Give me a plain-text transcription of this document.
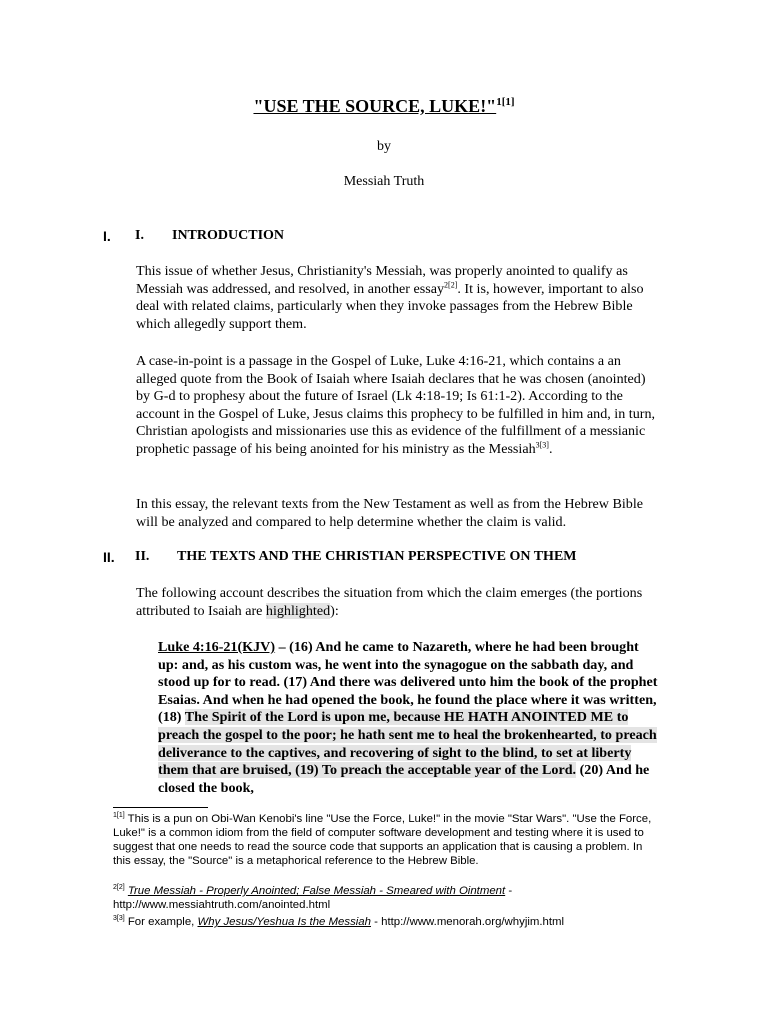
"USE THE SOURCE, LUKE!"$^{1[1]}$
by
Messiah Truth
I. I. INTRODUCTION
This issue of whether Jesus, Christianity's Messiah, was properly anointed to qualify as Messiah was addressed, and resolved, in another essay$^{2[2]}$. It is, however, important to also deal with related claims, particularly when they invoke passages from the Hebrew Bible which allegedly support them.
A case-in-point is a passage in the Gospel of Luke, Luke 4:16-21, which contains a an alleged quote from the Book of Isaiah where Isaiah declares that he was chosen (anointed) by G-d to prophesy about the future of Israel (Lk 4:18-19; Is 61:1-2). According to the account in the Gospel of Luke, Jesus claims this prophecy to be fulfilled in him and, in turn, Christian apologists and missionaries use this as evidence of the fulfillment of a messianic prophetic passage of his being anointed for his ministry as the Messiah$^{3[3]}$.
In this essay, the relevant texts from the New Testament as well as from the Hebrew Bible will be analyzed and compared to help determine whether the claim is valid.
II. II. THE TEXTS AND THE CHRISTIAN PERSPECTIVE ON THEM
The following account describes the situation from which the claim emerges (the portions attributed to Isaiah are highlighted):
Luke 4:16-21(KJV) – (16) And he came to Nazareth, where he had been brought up: and, as his custom was, he went into the synagogue on the sabbath day, and stood up for to read. (17) And there was delivered unto him the book of the prophet Esaias. And when he had opened the book, he found the place where it was written, (18) The Spirit of the Lord is upon me, because HE HATH ANOINTED ME to preach the gospel to the poor; he hath sent me to heal the brokenhearted, to preach deliverance to the captives, and recovering of sight to the blind, to set at liberty them that are bruised, (19) To preach the acceptable year of the Lord. (20) And he closed the book,
$^{1[1]}$ This is a pun on Obi-Wan Kenobi's line "Use the Force, Luke!" in the movie "Star Wars". "Use the Force, Luke!" is a common idiom from the field of computer software development and testing where it is used to suggest that one needs to read the source code that supports an application that is causing a problem. In this essay, the "Source" is a metaphorical reference to the Hebrew Bible.
$^{2[2]}$ True Messiah - Properly Anointed; False Messiah - Smeared with Ointment - http://www.messiahtruth.com/anointed.html
$^{3[3]}$ For example, Why Jesus/Yeshua Is the Messiah - http://www.menorah.org/whyjim.html
